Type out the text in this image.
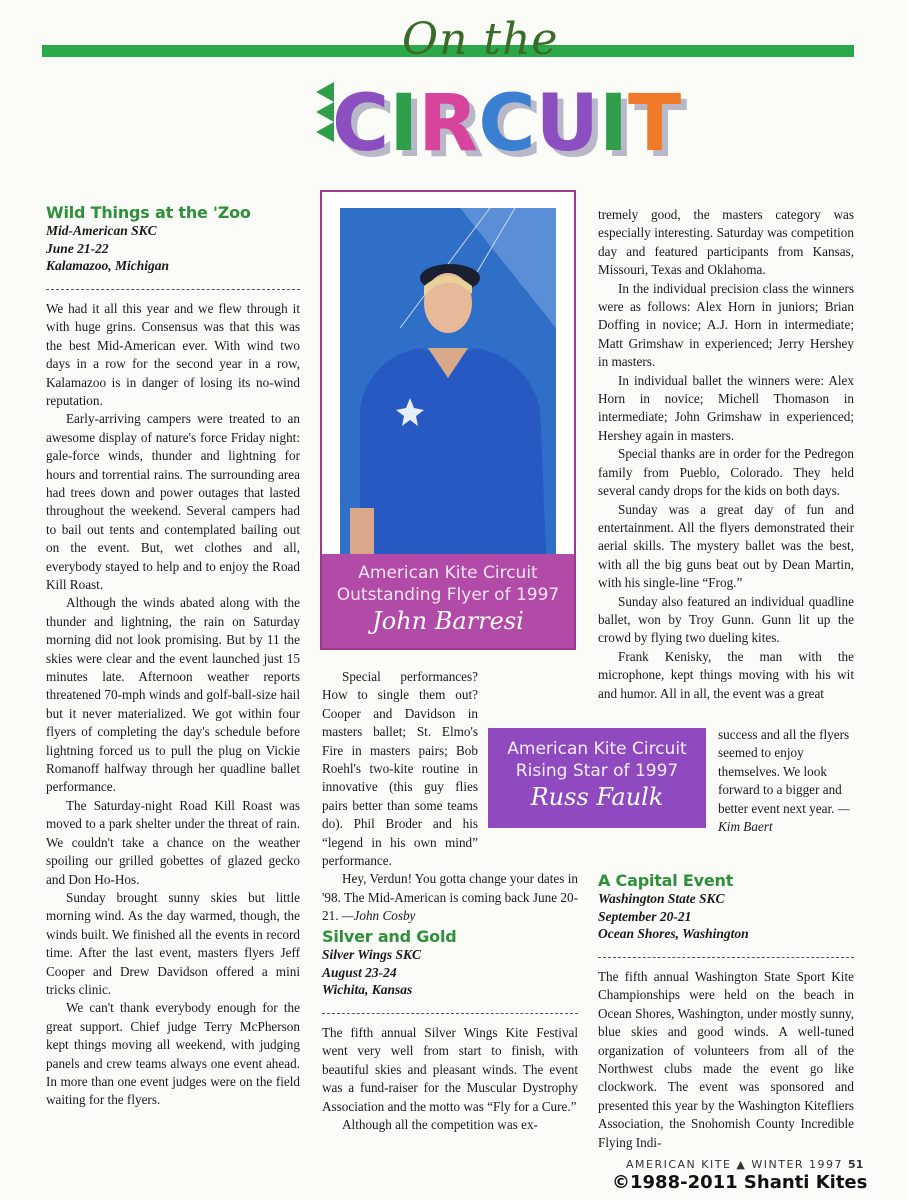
On the
C I R C U I T
Wild Things at the 'Zoo
Mid-American SKC
June 21-22
Kalamazoo, Michigan

We had it all this year and we flew through it with huge grins. Consensus was that this was the best Mid-American ever. With wind two days in a row for the second year in a row, Kalamazoo is in danger of losing its no-wind reputation.

Early-arriving campers were treated to an awesome display of nature's force Friday night: gale-force winds, thunder and lightning for hours and torrential rains. The surrounding area had trees down and power outages that lasted throughout the weekend. Several campers had to bail out tents and contemplated bailing out on the event. But, wet clothes and all, everybody stayed to help and to enjoy the Road Kill Roast.

Although the winds abated along with the thunder and lightning, the rain on Saturday morning did not look promising. But by 11 the skies were clear and the event launched just 15 minutes late. Afternoon weather reports threatened 70-mph winds and golf-ball-size hail but it never materialized. We got within four flyers of completing the day's schedule before lightning forced us to pull the plug on Vickie Romanoff halfway through her quadline ballet performance.

The Saturday-night Road Kill Roast was moved to a park shelter under the threat of rain. We couldn't take a chance on the weather spoiling our grilled gobettes of glazed gecko and Don Ho-Hos.

Sunday brought sunny skies but little morning wind. As the day warmed, though, the winds built. We finished all the events in record time. After the last event, masters flyers Jeff Cooper and Drew Davidson offered a mini tricks clinic.

We can't thank everybody enough for the great support. Chief judge Terry McPherson kept things moving all weekend, with judging panels and crew teams always one event ahead. In more than one event judges were on the field waiting for the flyers.

American Kite Circuit
Outstanding Flyer of 1997
John Barresi

Special performances? How to single them out? Cooper and Davidson in masters ballet; St. Elmo's Fire in masters pairs; Bob Roehl's two-kite routine in innovative (this guy flies pairs better than some teams do). Phil Broder and his “legend in his own mind” performance.

Hey, Verdun! You gotta change your dates in '98. The Mid-American is coming back June 20-21. —John Cosby

American Kite Circuit
Rising Star of 1997
Russ Faulk
Silver and Gold
Silver Wings SKC
August 23-24
Wichita, Kansas

The fifth annual Silver Wings Kite Festival went very well from start to finish, with beautiful skies and pleasant winds. The event was a fund-raiser for the Muscular Dystrophy Association and the motto was “Fly for a Cure.”

Although all the competition was ex-

tremely good, the masters category was especially interesting. Saturday was competition day and featured participants from Kansas, Missouri, Texas and Oklahoma.

In the individual precision class the winners were as follows: Alex Horn in juniors; Brian Doffing in novice; A.J. Horn in intermediate; Matt Grimshaw in experienced; Jerry Hershey in masters.

In individual ballet the winners were: Alex Horn in novice; Michell Thomason in intermediate; John Grimshaw in experienced; Hershey again in masters.

Special thanks are in order for the Pedregon family from Pueblo, Colorado. They held several candy drops for the kids on both days.

Sunday was a great day of fun and entertainment. All the flyers demonstrated their aerial skills. The mystery ballet was the best, with all the big guns beat out by Dean Martin, with his single-line “Frog.”

Sunday also featured an individual quadline ballet, won by Troy Gunn. Gunn lit up the crowd by flying two dueling kites.

Frank Kenisky, the man with the microphone, kept things moving with his wit and humor. All in all, the event was a great

success and all the flyers seemed to enjoy themselves. We look forward to a bigger and better event next year. —Kim Baert
A Capital Event
Washington State SKC
September 20-21
Ocean Shores, Washington

The fifth annual Washington State Sport Kite Championships were held on the beach in Ocean Shores, Washington, under mostly sunny, blue skies and good winds. A well-tuned organization of volunteers from all of the Northwest clubs made the event go like clockwork. The event was sponsored and presented this year by the Washington Kitefliers Association, the Snohomish County Incredible Flying Indi-

AMERICAN KITE ▲ WINTER 1997 51
©1988-2011 Shanti Kites
